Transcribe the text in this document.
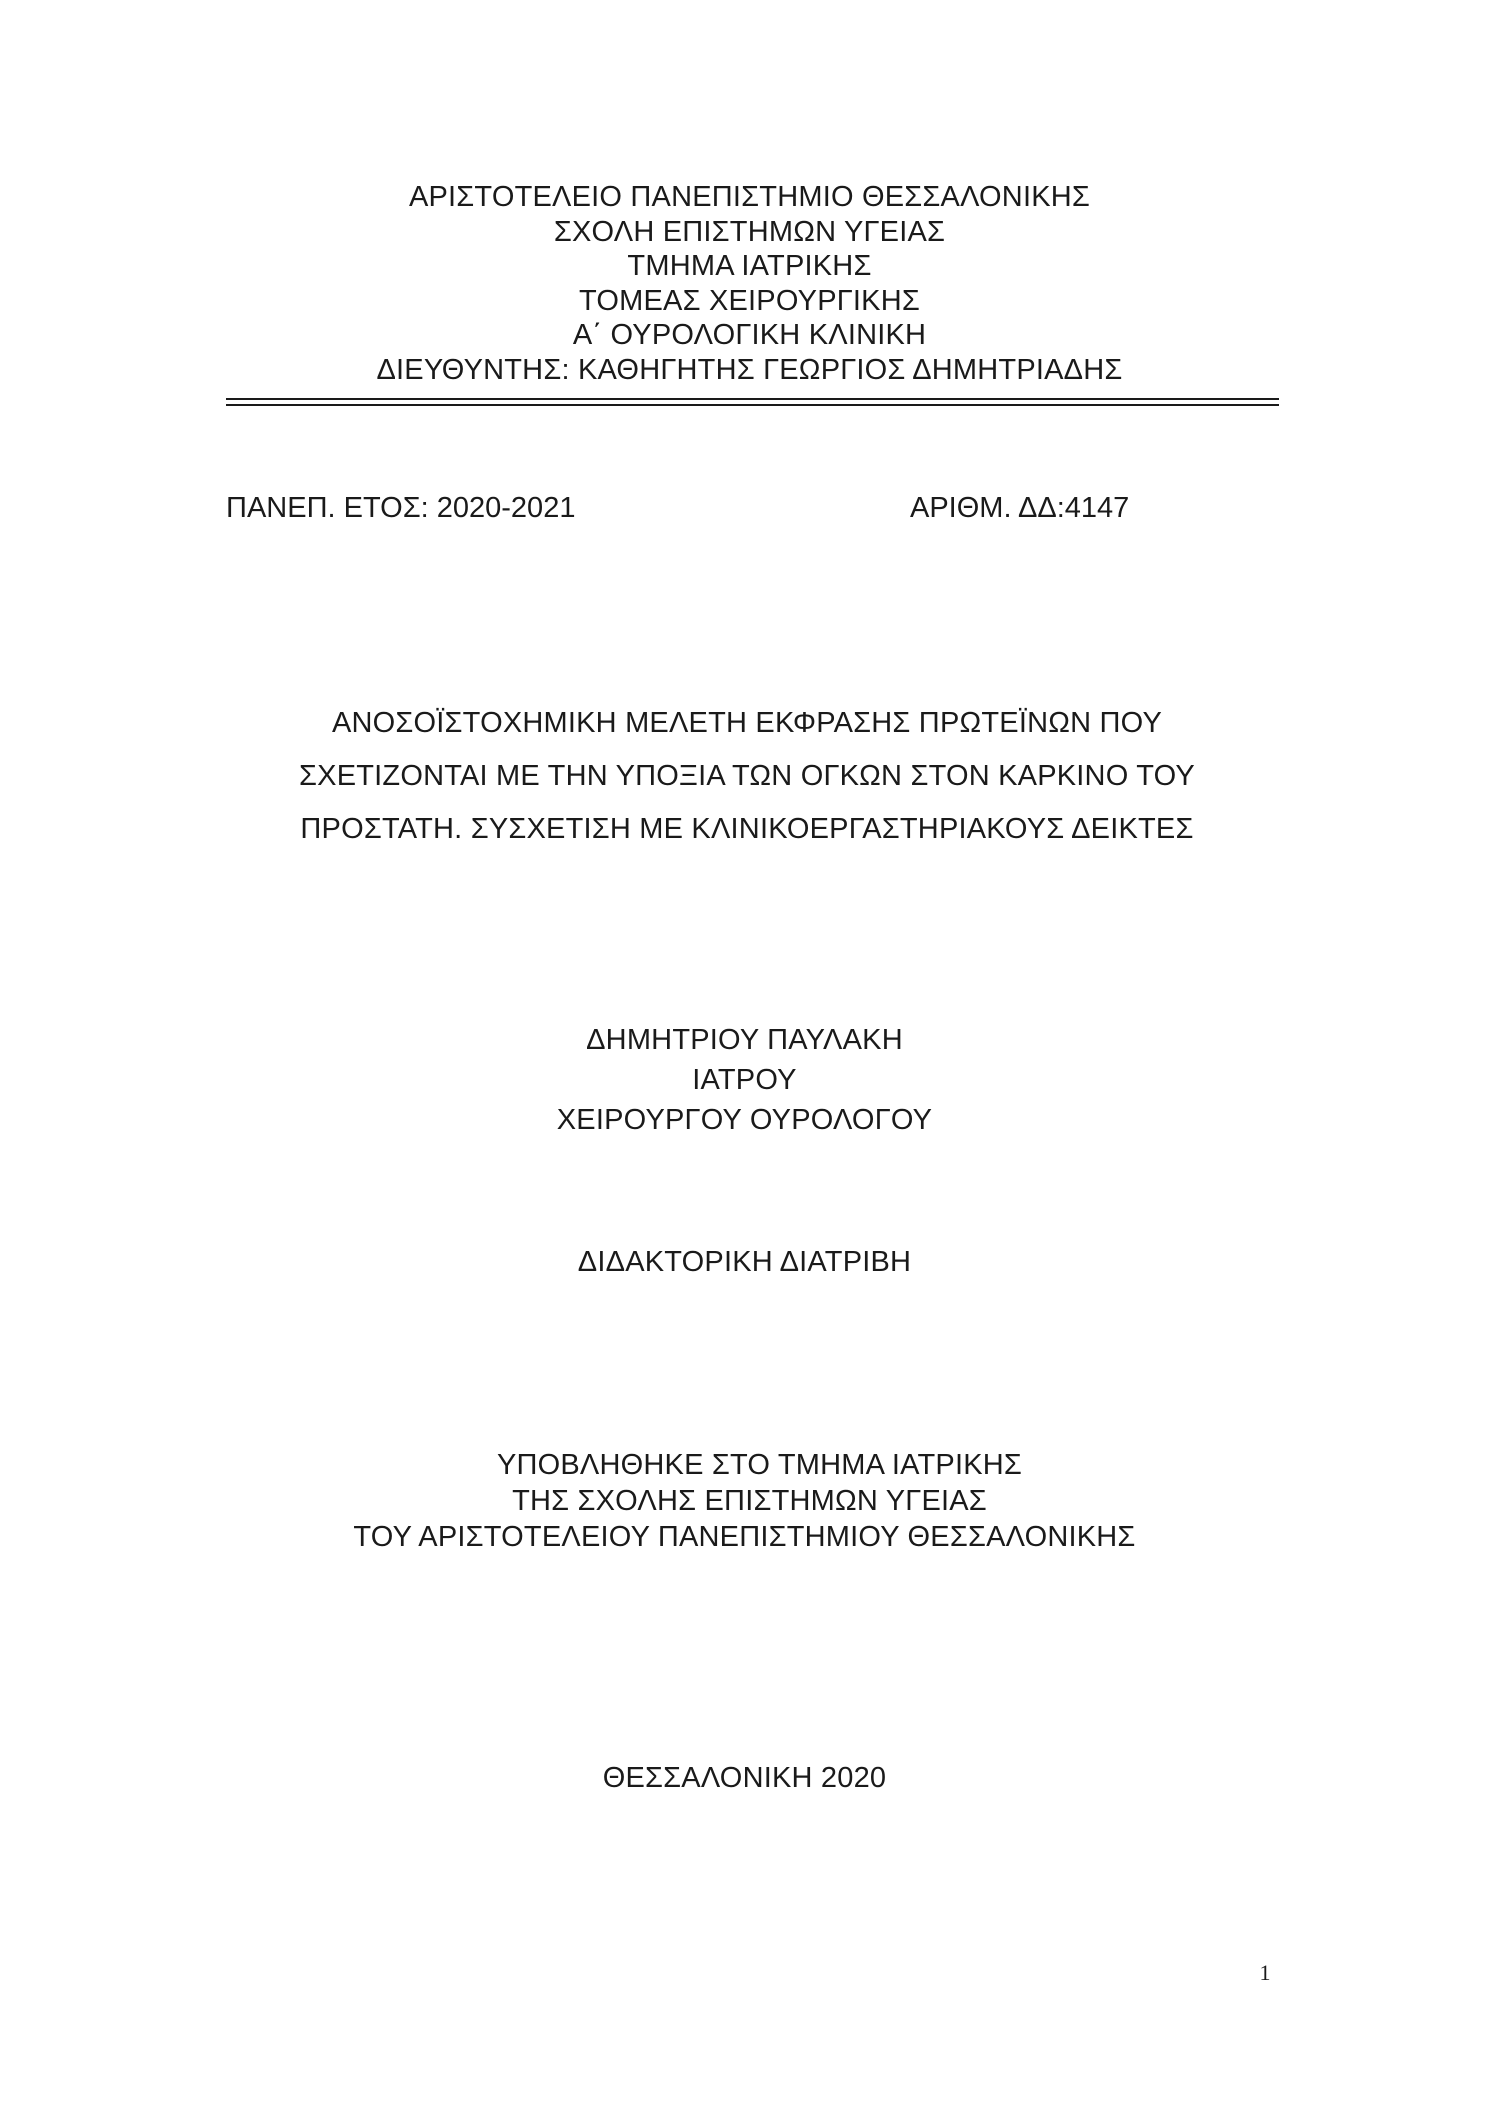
ΑΡΙΣΤΟΤΕΛΕΙΟ ΠΑΝΕΠΙΣΤΗΜΙΟ ΘΕΣΣΑΛΟΝΙΚΗΣ
ΣΧΟΛΗ ΕΠΙΣΤΗΜΩΝ ΥΓΕΙΑΣ
ΤΜΗΜΑ ΙΑΤΡΙΚΗΣ
ΤΟΜΕΑΣ ΧΕΙΡΟΥΡΓΙΚΗΣ
Α΄ ΟΥΡΟΛΟΓΙΚΗ ΚΛΙΝΙΚΗ
ΔΙΕΥΘΥΝΤΗΣ: ΚΑΘΗΓΗΤΗΣ ΓΕΩΡΓΙΟΣ ΔΗΜΗΤΡΙΑΔΗΣ
ΠΑΝΕΠ. ΕΤΟΣ: 2020-2021	ΑΡΙΘΜ. ΔΔ:4147
ΑΝΟΣΟΪΣΤΟΧΗΜΙΚΗ ΜΕΛΕΤΗ ΕΚΦΡΑΣΗΣ ΠΡΩΤΕΪΝΩΝ ΠΟΥ
ΣΧΕΤΙΖΟΝΤΑΙ ΜΕ ΤΗΝ ΥΠΟΞΙΑ ΤΩΝ ΟΓΚΩΝ ΣΤΟΝ ΚΑΡΚΙΝΟ ΤΟΥ
ΠΡΟΣΤΑΤΗ. ΣΥΣΧΕΤΙΣΗ ΜΕ ΚΛΙΝΙΚΟΕΡΓΑΣΤΗΡΙΑΚΟΥΣ ΔΕΙΚΤΕΣ
ΔΗΜΗΤΡΙΟΥ ΠΑΥΛΑΚΗ
ΙΑΤΡΟΥ
ΧΕΙΡΟΥΡΓΟΥ ΟΥΡΟΛΟΓΟΥ
ΔΙΔΑΚΤΟΡΙΚΗ ΔΙΑΤΡΙΒΗ
ΥΠΟΒΛΗΘΗΚΕ ΣΤΟ ΤΜΗΜΑ ΙΑΤΡΙΚΗΣ
ΤΗΣ ΣΧΟΛΗΣ ΕΠΙΣΤΗΜΩΝ ΥΓΕΙΑΣ
ΤΟΥ ΑΡΙΣΤΟΤΕΛΕΙΟΥ ΠΑΝΕΠΙΣΤΗΜΙΟΥ ΘΕΣΣΑΛΟΝΙΚΗΣ
ΘΕΣΣΑΛΟΝΙΚΗ 2020
1
